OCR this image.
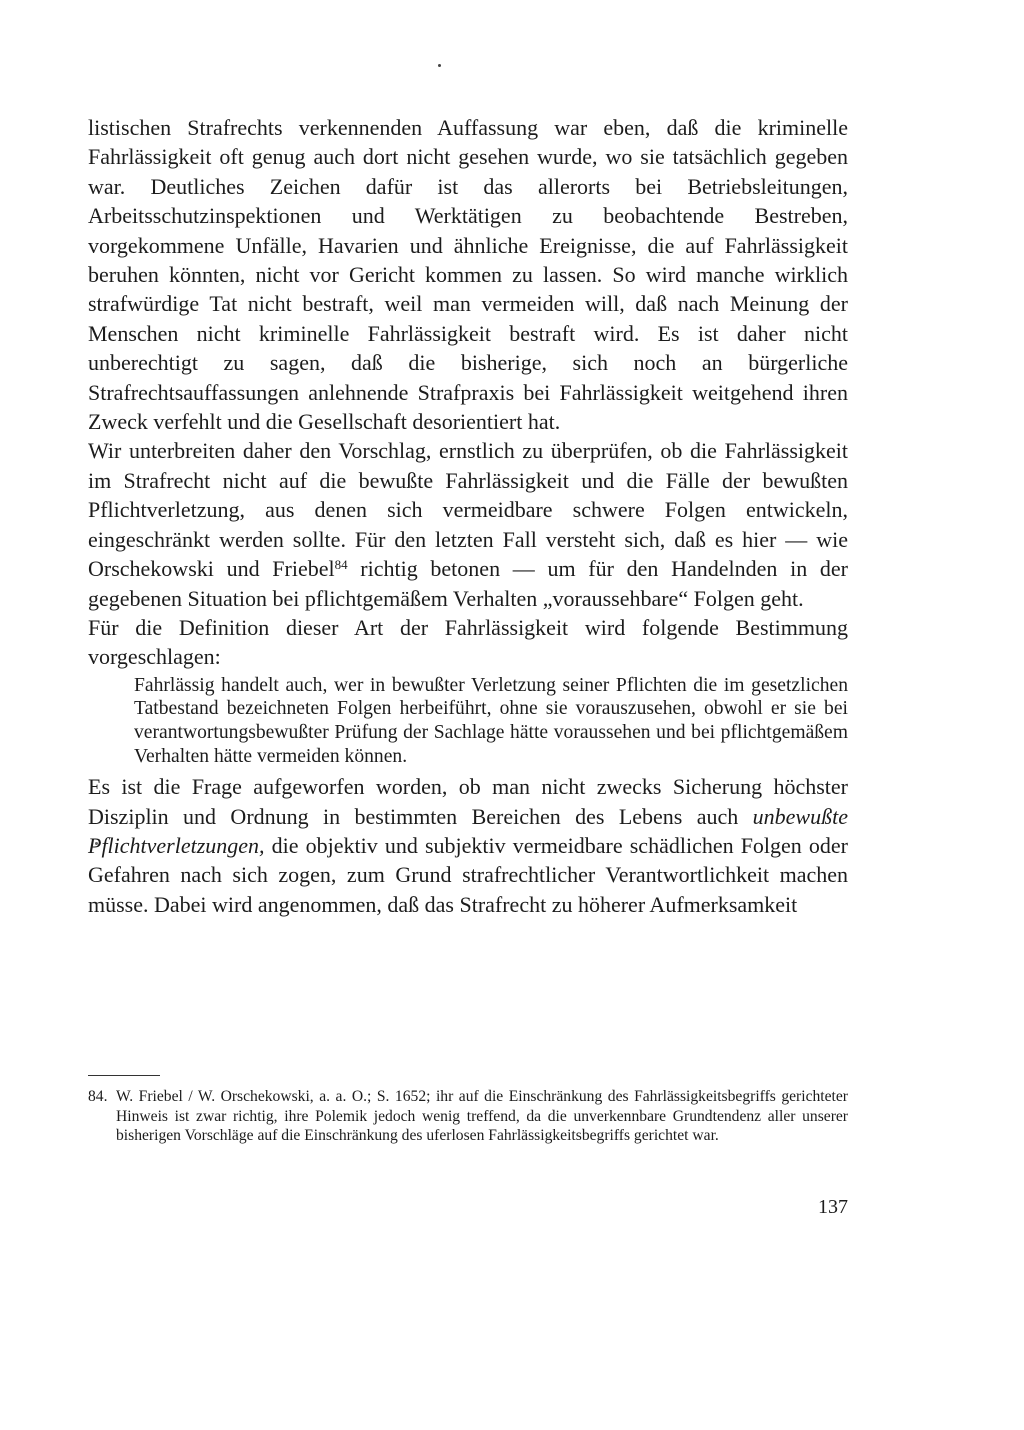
listischen Strafrechts verkennenden Auffassung war eben, daß die kriminelle Fahrlässigkeit oft genug auch dort nicht gesehen wurde, wo sie tatsächlich gegeben war. Deutliches Zeichen dafür ist das allerorts bei Betriebsleitungen, Arbeitsschutzinspektionen und Werktätigen zu beobachtende Bestreben, vorgekommene Unfälle, Havarien und ähnliche Ereignisse, die auf Fahrlässigkeit beruhen könnten, nicht vor Gericht kommen zu lassen. So wird manche wirklich strafwürdige Tat nicht bestraft, weil man vermeiden will, daß nach Meinung der Menschen nicht kriminelle Fahrlässigkeit bestraft wird. Es ist daher nicht unberechtigt zu sagen, daß die bisherige, sich noch an bürgerliche Strafrechtsauffassungen anlehnende Strafpraxis bei Fahrlässigkeit weitgehend ihren Zweck verfehlt und die Gesellschaft desorientiert hat.

Wir unterbreiten daher den Vorschlag, ernstlich zu überprüfen, ob die Fahrlässigkeit im Strafrecht nicht auf die bewußte Fahrlässigkeit und die Fälle der bewußten Pflichtverletzung, aus denen sich vermeidbare schwere Folgen entwickeln, eingeschränkt werden sollte. Für den letzten Fall versteht sich, daß es hier — wie Orschekowski und Friebel$^{84}$ richtig betonen — um für den Handelnden in der gegebenen Situation bei pflichtgemäßem Verhalten „voraussehbare“ Folgen geht.

Für die Definition dieser Art der Fahrlässigkeit wird folgende Bestimmung vorgeschlagen:

Fahrlässig handelt auch, wer in bewußter Verletzung seiner Pflichten die im gesetzlichen Tatbestand bezeichneten Folgen herbeiführt, ohne sie vorauszusehen, obwohl er sie bei verantwortungsbewußter Prüfung der Sachlage hätte voraussehen und bei pflichtgemäßem Verhalten hätte vermeiden können.

Es ist die Frage aufgeworfen worden, ob man nicht zwecks Sicherung höchster Disziplin und Ordnung in bestimmten Bereichen des Lebens auch unbewußte Pflichtverletzungen, die objektiv und subjektiv vermeidbare schädlichen Folgen oder Gefahren nach sich zogen, zum Grund strafrechtlicher Verantwortlichkeit machen müsse. Dabei wird angenommen, daß das Strafrecht zu höherer Aufmerksamkeit

84. W. Friebel / W. Orschekowski, a. a. O.; S. 1652; ihr auf die Einschränkung des Fahrlässigkeitsbegriffs gerichteter Hinweis ist zwar richtig, ihre Polemik jedoch wenig treffend, da die unverkennbare Grundtendenz aller unserer bisherigen Vorschläge auf die Einschränkung des uferlosen Fahrlässigkeitsbegriffs gerichtet war.
137
